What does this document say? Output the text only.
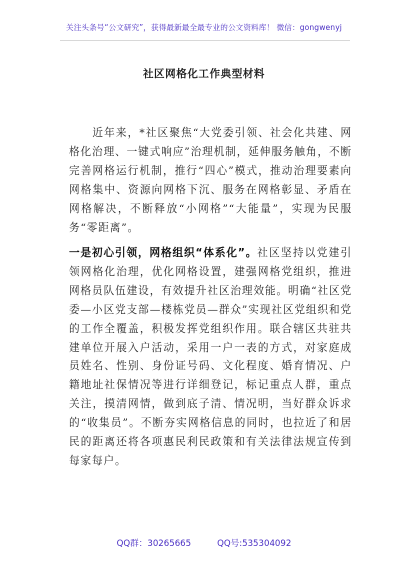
关注头条号“公文研究”，获得最新最全最专业的公文资料库！ 微信：gongwenyj
社区网格化工作典型材料
近年来，*社区聚焦“大党委引领、社会化共建、网格化治理、一键式响应”治理机制，延伸服务触角，不断完善网格运行机制，推行“四心”模式，推动治理要素向网格集中、资源向网格下沉、服务在网格彰显、矛盾在网格解决，不断释放“小网格”“大能量”，实现为民服务“零距离”。
一是初心引领，网格组织“体系化”。社区坚持以党建引领网格化治理，优化网格设置，建强网格党组织，推进网格员队伍建设，有效提升社区治理效能。明确“社区党委—小区党支部—楼栋党员—群众”实现社区党组织和党的工作全覆盖，积极发挥党组织作用。联合辖区共驻共建单位开展入户活动，采用一户一表的方式，对家庭成员姓名、性别、身份证号码、文化程度、婚育情况、户籍地址社保情况等进行详细登记，标记重点人群，重点关注，摸清网情，做到底子清、情况明，当好群众诉求的“收集员”。不断夯实网格信息的同时，也拉近了和居民的距离还将各项惠民利民政策和有关法律法规宣传到每家每户。
QQ群：30265665	QQ号:535304092
